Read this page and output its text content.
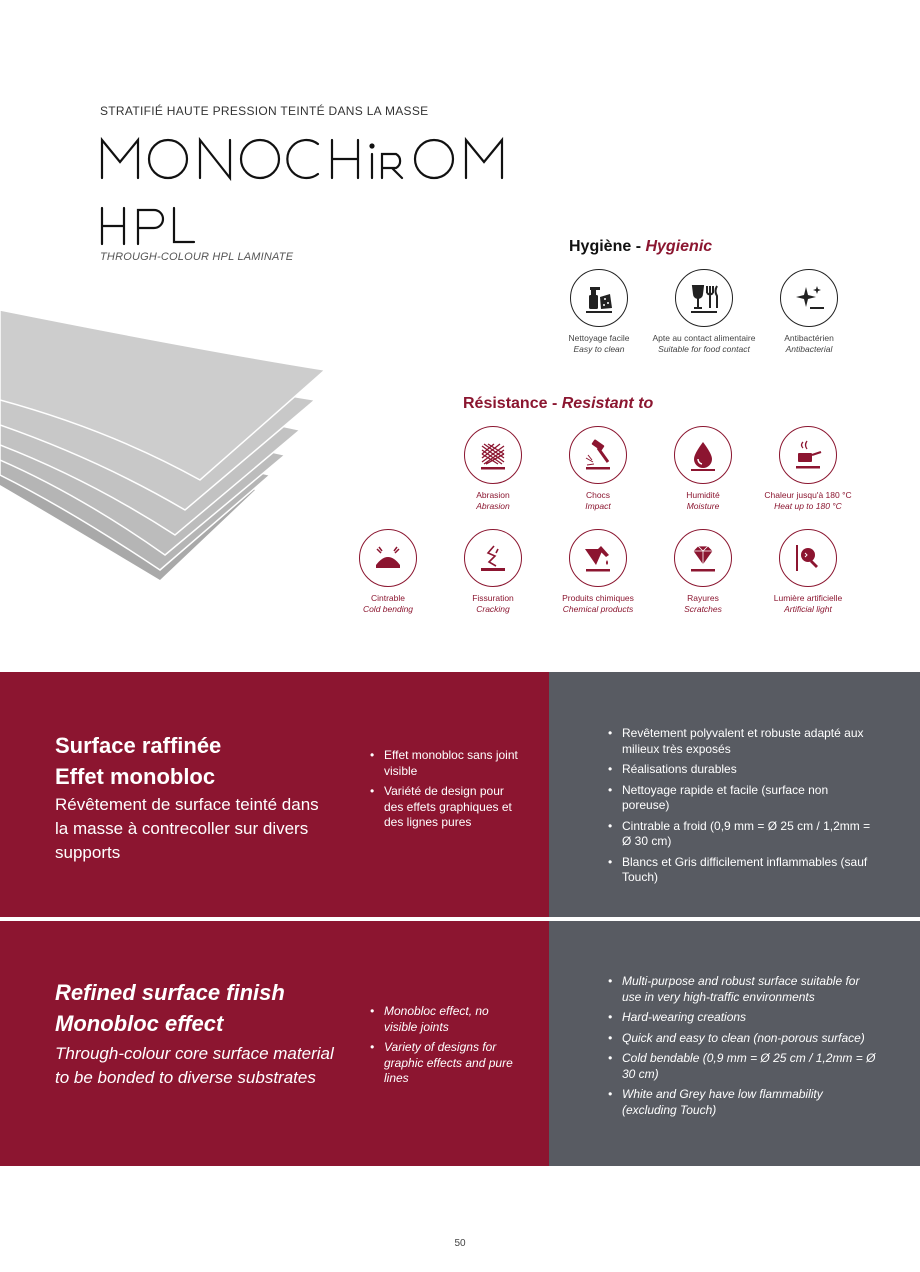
STRATIFIÉ HAUTE PRESSION TEINTÉ DANS LA MASSE
THROUGH-COLOUR HPL LAMINATE
Hygiène - Hygienic
Nettoyage facile
Easy to clean
Apte au contact alimentaire
Suitable for food contact
Antibactérien
Antibacterial
Résistance - Resistant to
Abrasion
Abrasion
Chocs
Impact
Humidité
Moisture
Chaleur jusqu'à 180 °C
Heat up to 180 °C
Cintrable
Cold bending
Fissuration
Cracking
Produits chimiques
Chemical products
Rayures
Scratches
Lumière artificielle
Artificial light
Surface raffinée
Effet monobloc
Révêtement de surface teinté dans la masse à contrecoller sur divers supports
• Effet monobloc sans joint visible
• Variété de design pour des effets graphiques et des lignes pures
• Revêtement polyvalent et robuste adapté aux milieux très exposés
• Réalisations durables
• Nettoyage rapide et facile (surface non poreuse)
• Cintrable a froid (0,9 mm = Ø 25 cm / 1,2mm = Ø 30 cm)
• Blancs et Gris difficilement inflammables (sauf Touch)
Refined surface finish
Monobloc effect
Through-colour core surface material to be bonded to diverse substrates
• Monobloc effect, no visible joints
• Variety of designs for graphic effects and pure lines
• Multi-purpose and robust surface suitable for use in very high-traffic environments
• Hard-wearing creations
• Quick and easy to clean (non-porous surface)
• Cold bendable (0,9 mm = Ø 25 cm / 1,2mm = Ø 30 cm)
• White and Grey have low flammability (excluding Touch)
50
